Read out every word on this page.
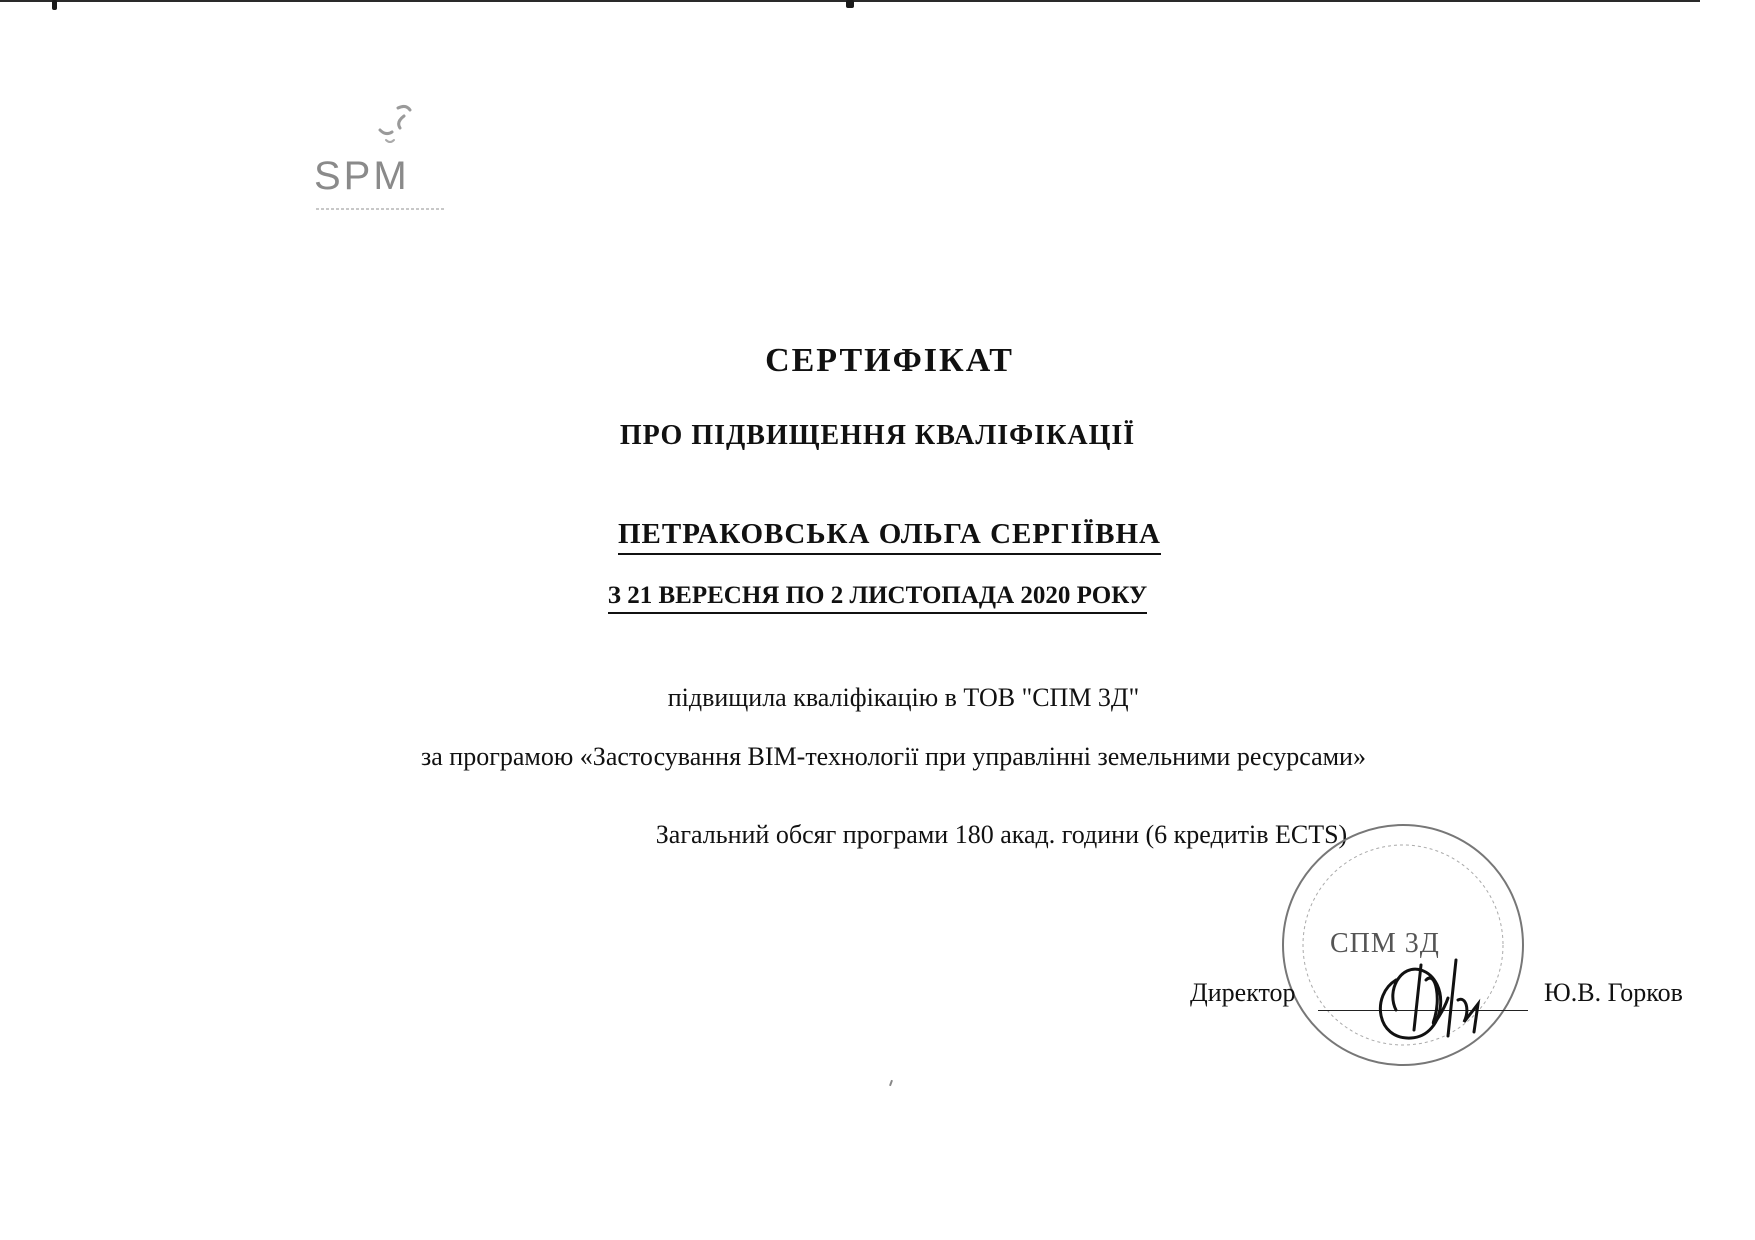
SPM
СЕРТИФІКАТ
ПРО ПІДВИЩЕННЯ КВАЛІФІКАЦІЇ
ПЕТРАКОВСЬКА ОЛЬГА СЕРГІЇВНА
З 21 ВЕРЕСНЯ ПО 2 ЛИСТОПАДА 2020 РОКУ
підвищила кваліфікацію в ТОВ "СПМ 3Д"
за програмою «Застосування ВІМ-технології при управлінні земельними ресурсами»
Загальний обсяг програми 180 акад. години (6 кредитів ECTS)
СПМ 3Д
Директор	Ю.В. Горков
